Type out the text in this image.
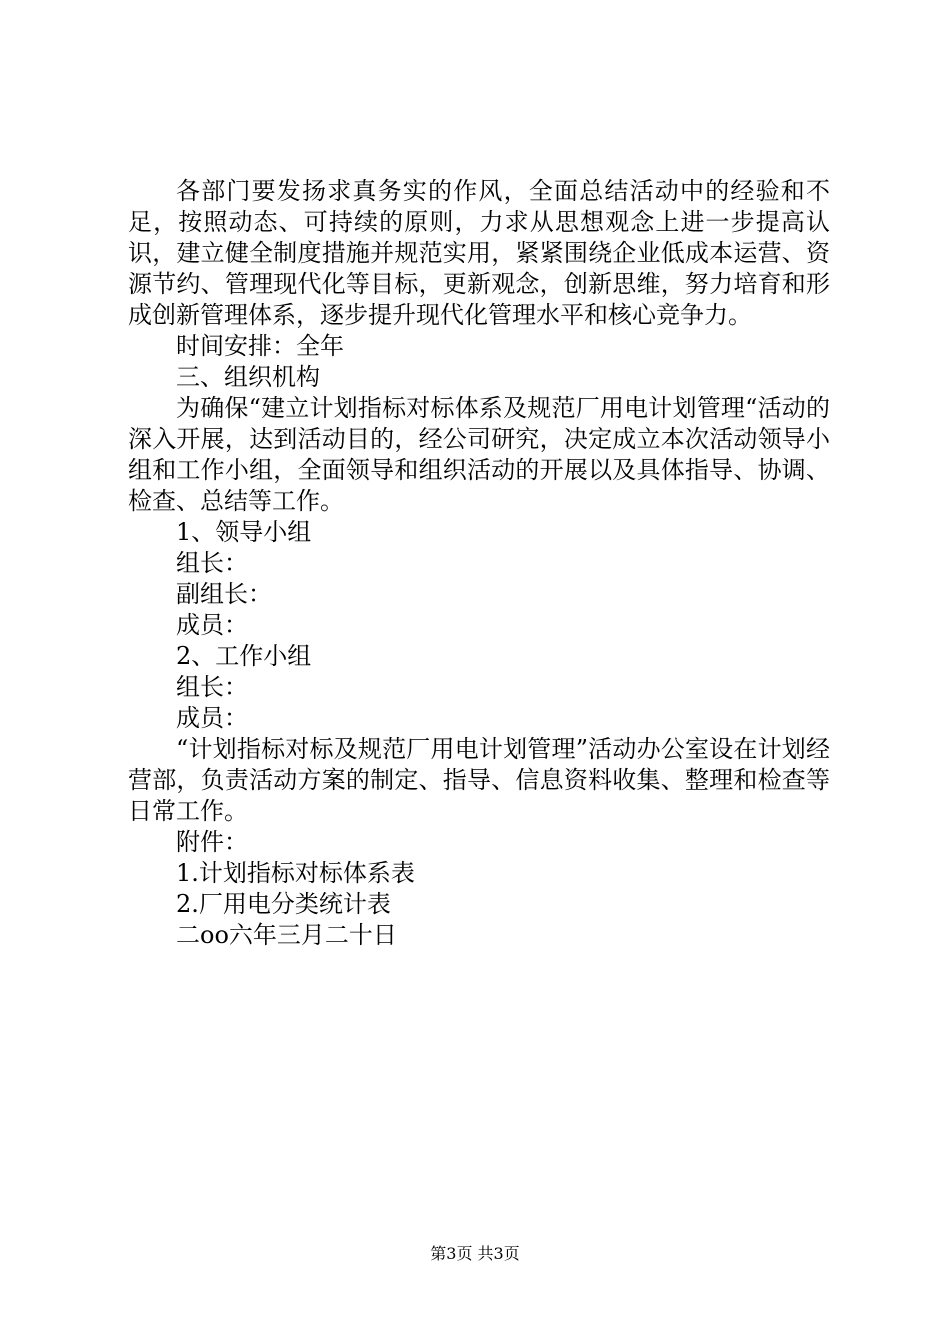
各部门要发扬求真务实的作风，全面总结活动中的经验和不足，按照动态、可持续的原则，力求从思想观念上进一步提高认识，建立健全制度措施并规范实用，紧紧围绕企业低成本运营、资源节约、管理现代化等目标，更新观念，创新思维，努力培育和形成创新管理体系，逐步提升现代化管理水平和核心竞争力。

时间安排：全年

三、组织机构

为确保“建立计划指标对标体系及规范厂用电计划管理“活动的深入开展，达到活动目的，经公司研究，决定成立本次活动领导小组和工作小组，全面领导和组织活动的开展以及具体指导、协调、检查、总结等工作。

1、领导小组

组长：

副组长：

成员：

2、工作小组

组长：

成员：

“计划指标对标及规范厂用电计划管理”活动办公室设在计划经营部，负责活动方案的制定、指导、信息资料收集、整理和检查等日常工作。

附件：

1.计划指标对标体系表

2.厂用电分类统计表

二oo六年三月二十日

第3页 共3页
